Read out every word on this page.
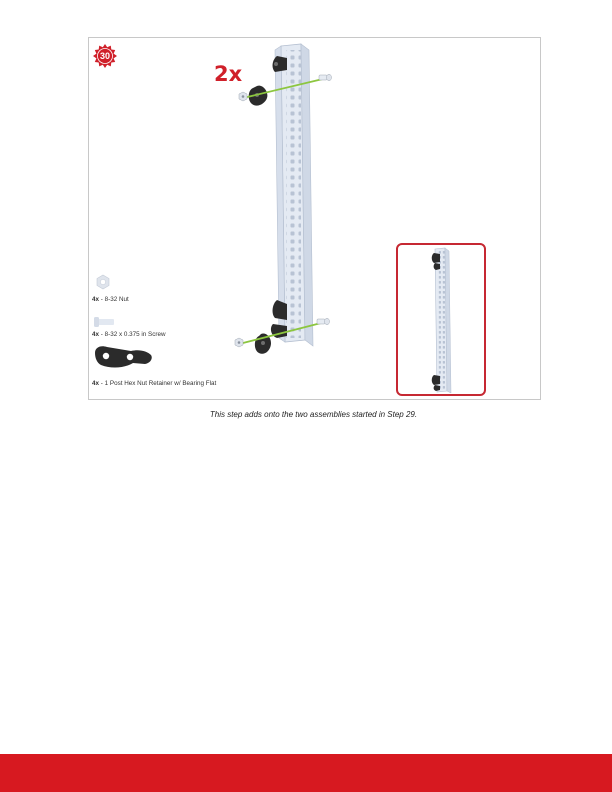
30
2x
4x - 8-32 Nut
4x - 8-32 x 0.375 in Screw
4x - 1 Post Hex Nut Retainer w/ Bearing Flat
This step adds onto the two assemblies started in Step 29.
